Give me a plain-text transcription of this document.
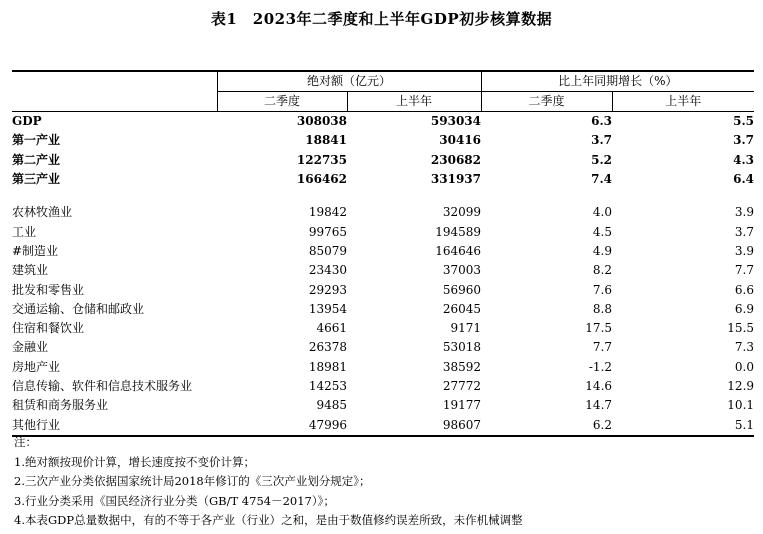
表1　2023年二季度和上半年GDP初步核算数据
	绝对额（亿元）		比上年同期增长（%）	
	二季度	上半年	二季度	上半年
GDP	308038	593034	6.3	5.5
第一产业	18841	30416	3.7	3.7
第二产业	122735	230682	5.2	4.3
第三产业	166462	331937	7.4	6.4

农林牧渔业	19842	32099	4.0	3.9
工业	99765	194589	4.5	3.7
#制造业	85079	164646	4.9	3.9
建筑业	23430	37003	8.2	7.7
批发和零售业	29293	56960	7.6	6.6
交通运输、仓储和邮政业	13954	26045	8.8	6.9
住宿和餐饮业	4661	9171	17.5	15.5
金融业	26378	53018	7.7	7.3
房地产业	18981	38592	-1.2	0.0
信息传输、软件和信息技术服务业	14253	27772	14.6	12.9
租赁和商务服务业	9485	19177	14.7	10.1
其他行业	47996	98607	6.2	5.1
注：
1.绝对额按现价计算，增长速度按不变价计算；
2.三次产业分类依据国家统计局2018年修订的《三次产业划分规定》；
3.行业分类采用《国民经济行业分类（GB/T 4754－2017）》；
4.本表GDP总量数据中，有的不等于各产业（行业）之和，是由于数值修约误差所致，未作机械调整
